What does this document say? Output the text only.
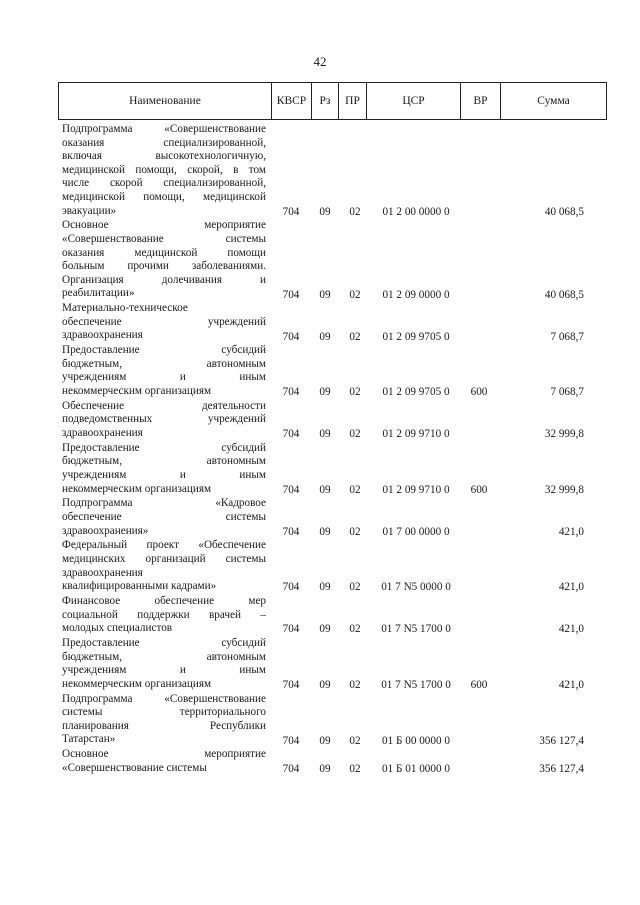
42
Наименование	КВСР	Рз	ПР	ЦСР	ВР	Сумма
Подпрограмма «Совершенствование
оказания специализированной,
включая высокотехнологичную,
медицинской помощи, скорой, в том
числе скорой специализированной,
медицинской помощи, медицинской
эвакуации»	704	09	02	01 2 00 0000 0	40 068,5
Основное мероприятие
«Совершенствование системы
оказания медицинской помощи
больным прочими заболеваниями.
Организация долечивания и
реабилитации»	704	09	02	01 2 09 0000 0	40 068,5
Материально-техническое
обеспечение учреждений
здравоохранения	704	09	02	01 2 09 9705 0	7 068,7
Предоставление субсидий
бюджетным, автономным
учреждениям и иным
некоммерческим организациям	704	09	02	01 2 09 9705 0	600	7 068,7
Обеспечение деятельности
подведомственных учреждений
здравоохранения	704	09	02	01 2 09 9710 0	32 999,8
Предоставление субсидий
бюджетным, автономным
учреждениям и иным
некоммерческим организациям	704	09	02	01 2 09 9710 0	600	32 999,8
Подпрограмма «Кадровое
обеспечение системы
здравоохранения»	704	09	02	01 7 00 0000 0	421,0
Федеральный проект «Обеспечение
медицинских организаций системы
здравоохранения
квалифицированными кадрами»	704	09	02	01 7 N5 0000 0	421,0
Финансовое обеспечение мер
социальной поддержки врачей –
молодых специалистов	704	09	02	01 7 N5 1700 0	421,0
Предоставление субсидий
бюджетным, автономным
учреждениям и иным
некоммерческим организациям	704	09	02	01 7 N5 1700 0	600	421,0
Подпрограмма «Совершенствование
системы территориального
планирования Республики
Татарстан»	704	09	02	01 Б 00 0000 0	356 127,4
Основное мероприятие
«Совершенствование системы	704	09	02	01 Б 01 0000 0	356 127,4
